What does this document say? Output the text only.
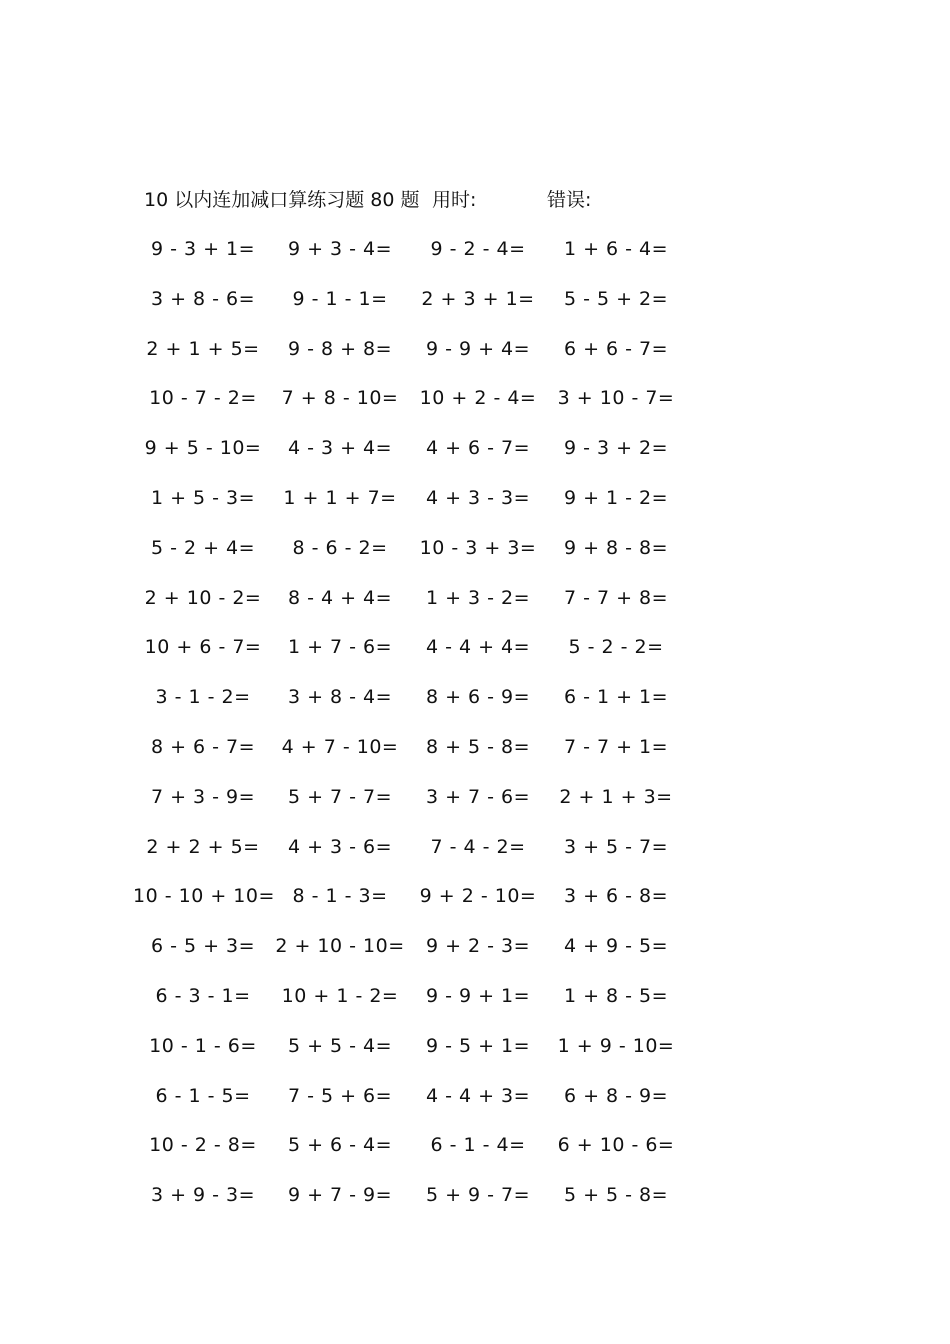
10 以内连加减口算练习题 80 题 用时:	错误:
9 - 3 + 1=	9 + 3 - 4=	9 - 2 - 4=	1 + 6 - 4=
3 + 8 - 6=	9 - 1 - 1=	2 + 3 + 1=	5 - 5 + 2=
2 + 1 + 5=	9 - 8 + 8=	9 - 9 + 4=	6 + 6 - 7=
10 - 7 - 2=	7 + 8 - 10=	10 + 2 - 4=	3 + 10 - 7=
9 + 5 - 10=	4 - 3 + 4=	4 + 6 - 7=	9 - 3 + 2=
1 + 5 - 3=	1 + 1 + 7=	4 + 3 - 3=	9 + 1 - 2=
5 - 2 + 4=	8 - 6 - 2=	10 - 3 + 3=	9 + 8 - 8=
2 + 10 - 2=	8 - 4 + 4=	1 + 3 - 2=	7 - 7 + 8=
10 + 6 - 7=	1 + 7 - 6=	4 - 4 + 4=	5 - 2 - 2=
3 - 1 - 2=	3 + 8 - 4=	8 + 6 - 9=	6 - 1 + 1=
8 + 6 - 7=	4 + 7 - 10=	8 + 5 - 8=	7 - 7 + 1=
7 + 3 - 9=	5 + 7 - 7=	3 + 7 - 6=	2 + 1 + 3=
2 + 2 + 5=	4 + 3 - 6=	7 - 4 - 2=	3 + 5 - 7=
10 - 10 + 10= 8 - 1 - 3=	9 + 2 - 10=	3 + 6 - 8=
6 - 5 + 3=	2 + 10 - 10=	9 + 2 - 3=	4 + 9 - 5=
6 - 3 - 1=	10 + 1 - 2=	9 - 9 + 1=	1 + 8 - 5=
10 - 1 - 6=	5 + 5 - 4=	9 - 5 + 1=	1 + 9 - 10=
6 - 1 - 5=	7 - 5 + 6=	4 - 4 + 3=	6 + 8 - 9=
10 - 2 - 8=	5 + 6 - 4=	6 - 1 - 4=	6 + 10 - 6=
3 + 9 - 3=	9 + 7 - 9=	5 + 9 - 7=	5 + 5 - 8=
